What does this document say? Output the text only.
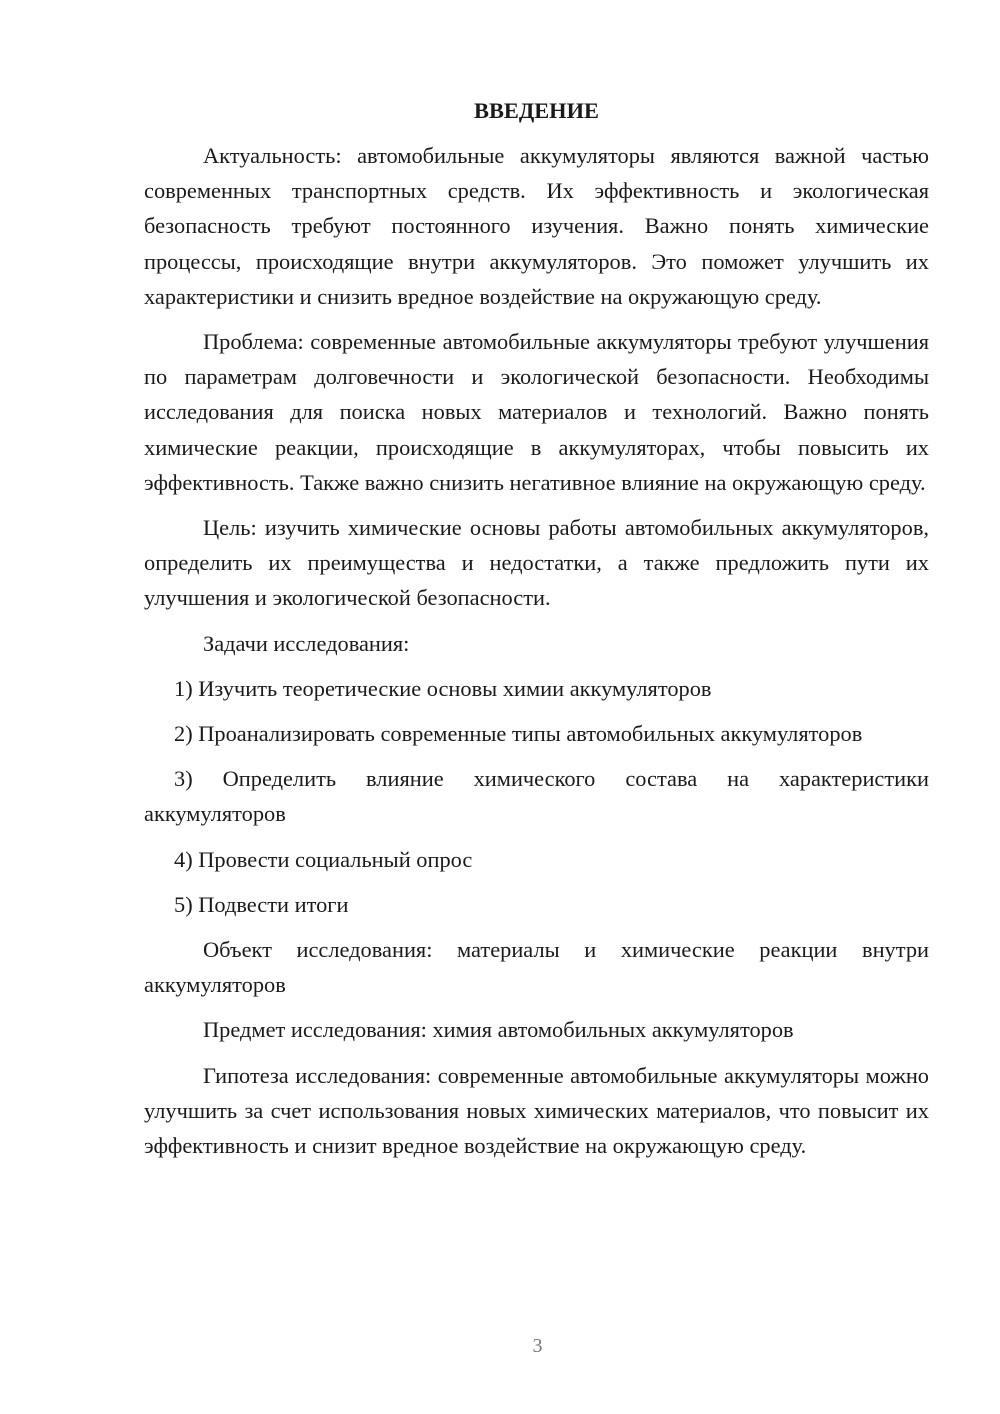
ВВЕДЕНИЕ

Актуальность: автомобильные аккумуляторы являются важной частью современных транспортных средств. Их эффективность и экологическая безопасность требуют постоянного изучения. Важно понять химические процессы, происходящие внутри аккумуляторов. Это поможет улучшить их характеристики и снизить вредное воздействие на окружающую среду.

Проблема: современные автомобильные аккумуляторы требуют улучшения по параметрам долговечности и экологической безопасности. Необходимы исследования для поиска новых материалов и технологий. Важно понять химические реакции, происходящие в аккумуляторах, чтобы повысить их эффективность. Также важно снизить негативное влияние на окружающую среду.

Цель: изучить химические основы работы автомобильных аккумуляторов, определить их преимущества и недостатки, а также предложить пути их улучшения и экологической безопасности.

Задачи исследования:

1) Изучить теоретические основы химии аккумуляторов

2) Проанализировать современные типы автомобильных аккумуляторов

3) Определить влияние химического состава на характеристики аккумуляторов

4) Провести социальный опрос

5) Подвести итоги

Объект исследования: материалы и химические реакции внутри аккумуляторов

Предмет исследования: химия автомобильных аккумуляторов

Гипотеза исследования: современные автомобильные аккумуляторы можно улучшить за счет использования новых химических материалов, что повысит их эффективность и снизит вредное воздействие на окружающую среду.

3
